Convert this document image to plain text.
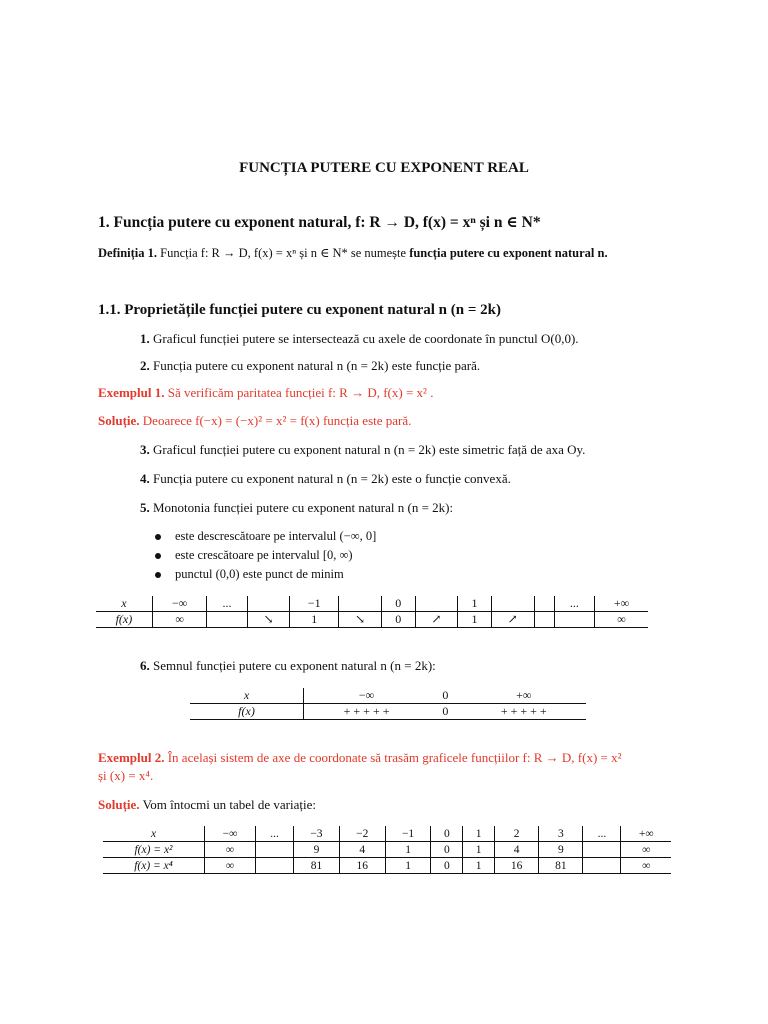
FUNCȚIA PUTERE CU EXPONENT REAL
1. Funcția putere cu exponent natural, f: R → D, f(x) = xⁿ și n ∈ N*
Definiția 1. Funcția f: R → D, f(x) = xⁿ și n ∈ N* se numește funcția putere cu exponent natural n.
1.1. Proprietățile funcției putere cu exponent natural n (n = 2k)
1. Graficul funcției putere se intersectează cu axele de coordonate în punctul O(0,0).
2. Funcția putere cu exponent natural n (n = 2k) este funcție pară.
Exemplul 1. Să verificăm paritatea funcției f: R → D, f(x) = x² .
Soluție. Deoarece f(−x) = (−x)² = x² = f(x) funcția este pară.
3. Graficul funcției putere cu exponent natural n (n = 2k) este simetric față de axa Oy.
4. Funcția putere cu exponent natural n (n = 2k) este o funcție convexă.
5. Monotonia funcției putere cu exponent natural n (n = 2k):
este descrescătoare pe intervalul (−∞, 0]
este crescătoare pe intervalul [0, ∞)
punctul (0,0) este punct de minim
x	−∞	...		−1		0		1			...	+∞
f(x)	∞		↘	1	↘	0	↗	1	↗			∞
6. Semnul funcției putere cu exponent natural n (n = 2k):
x	−∞	0	+∞
f(x)	+ + + + +	0	+ + + + +
Exemplul 2. În același sistem de axe de coordonate să trasăm graficele funcțiilor f: R → D, f(x) = x²
și (x) = x⁴.
Soluție. Vom întocmi un tabel de variație:
x	−∞	...	−3	−2	−1	0	1	2	3	...	+∞
f(x) = x²	∞		9	4	1	0	1	4	9		∞
f(x) = x⁴	∞		81	16	1	0	1	16	81		∞
